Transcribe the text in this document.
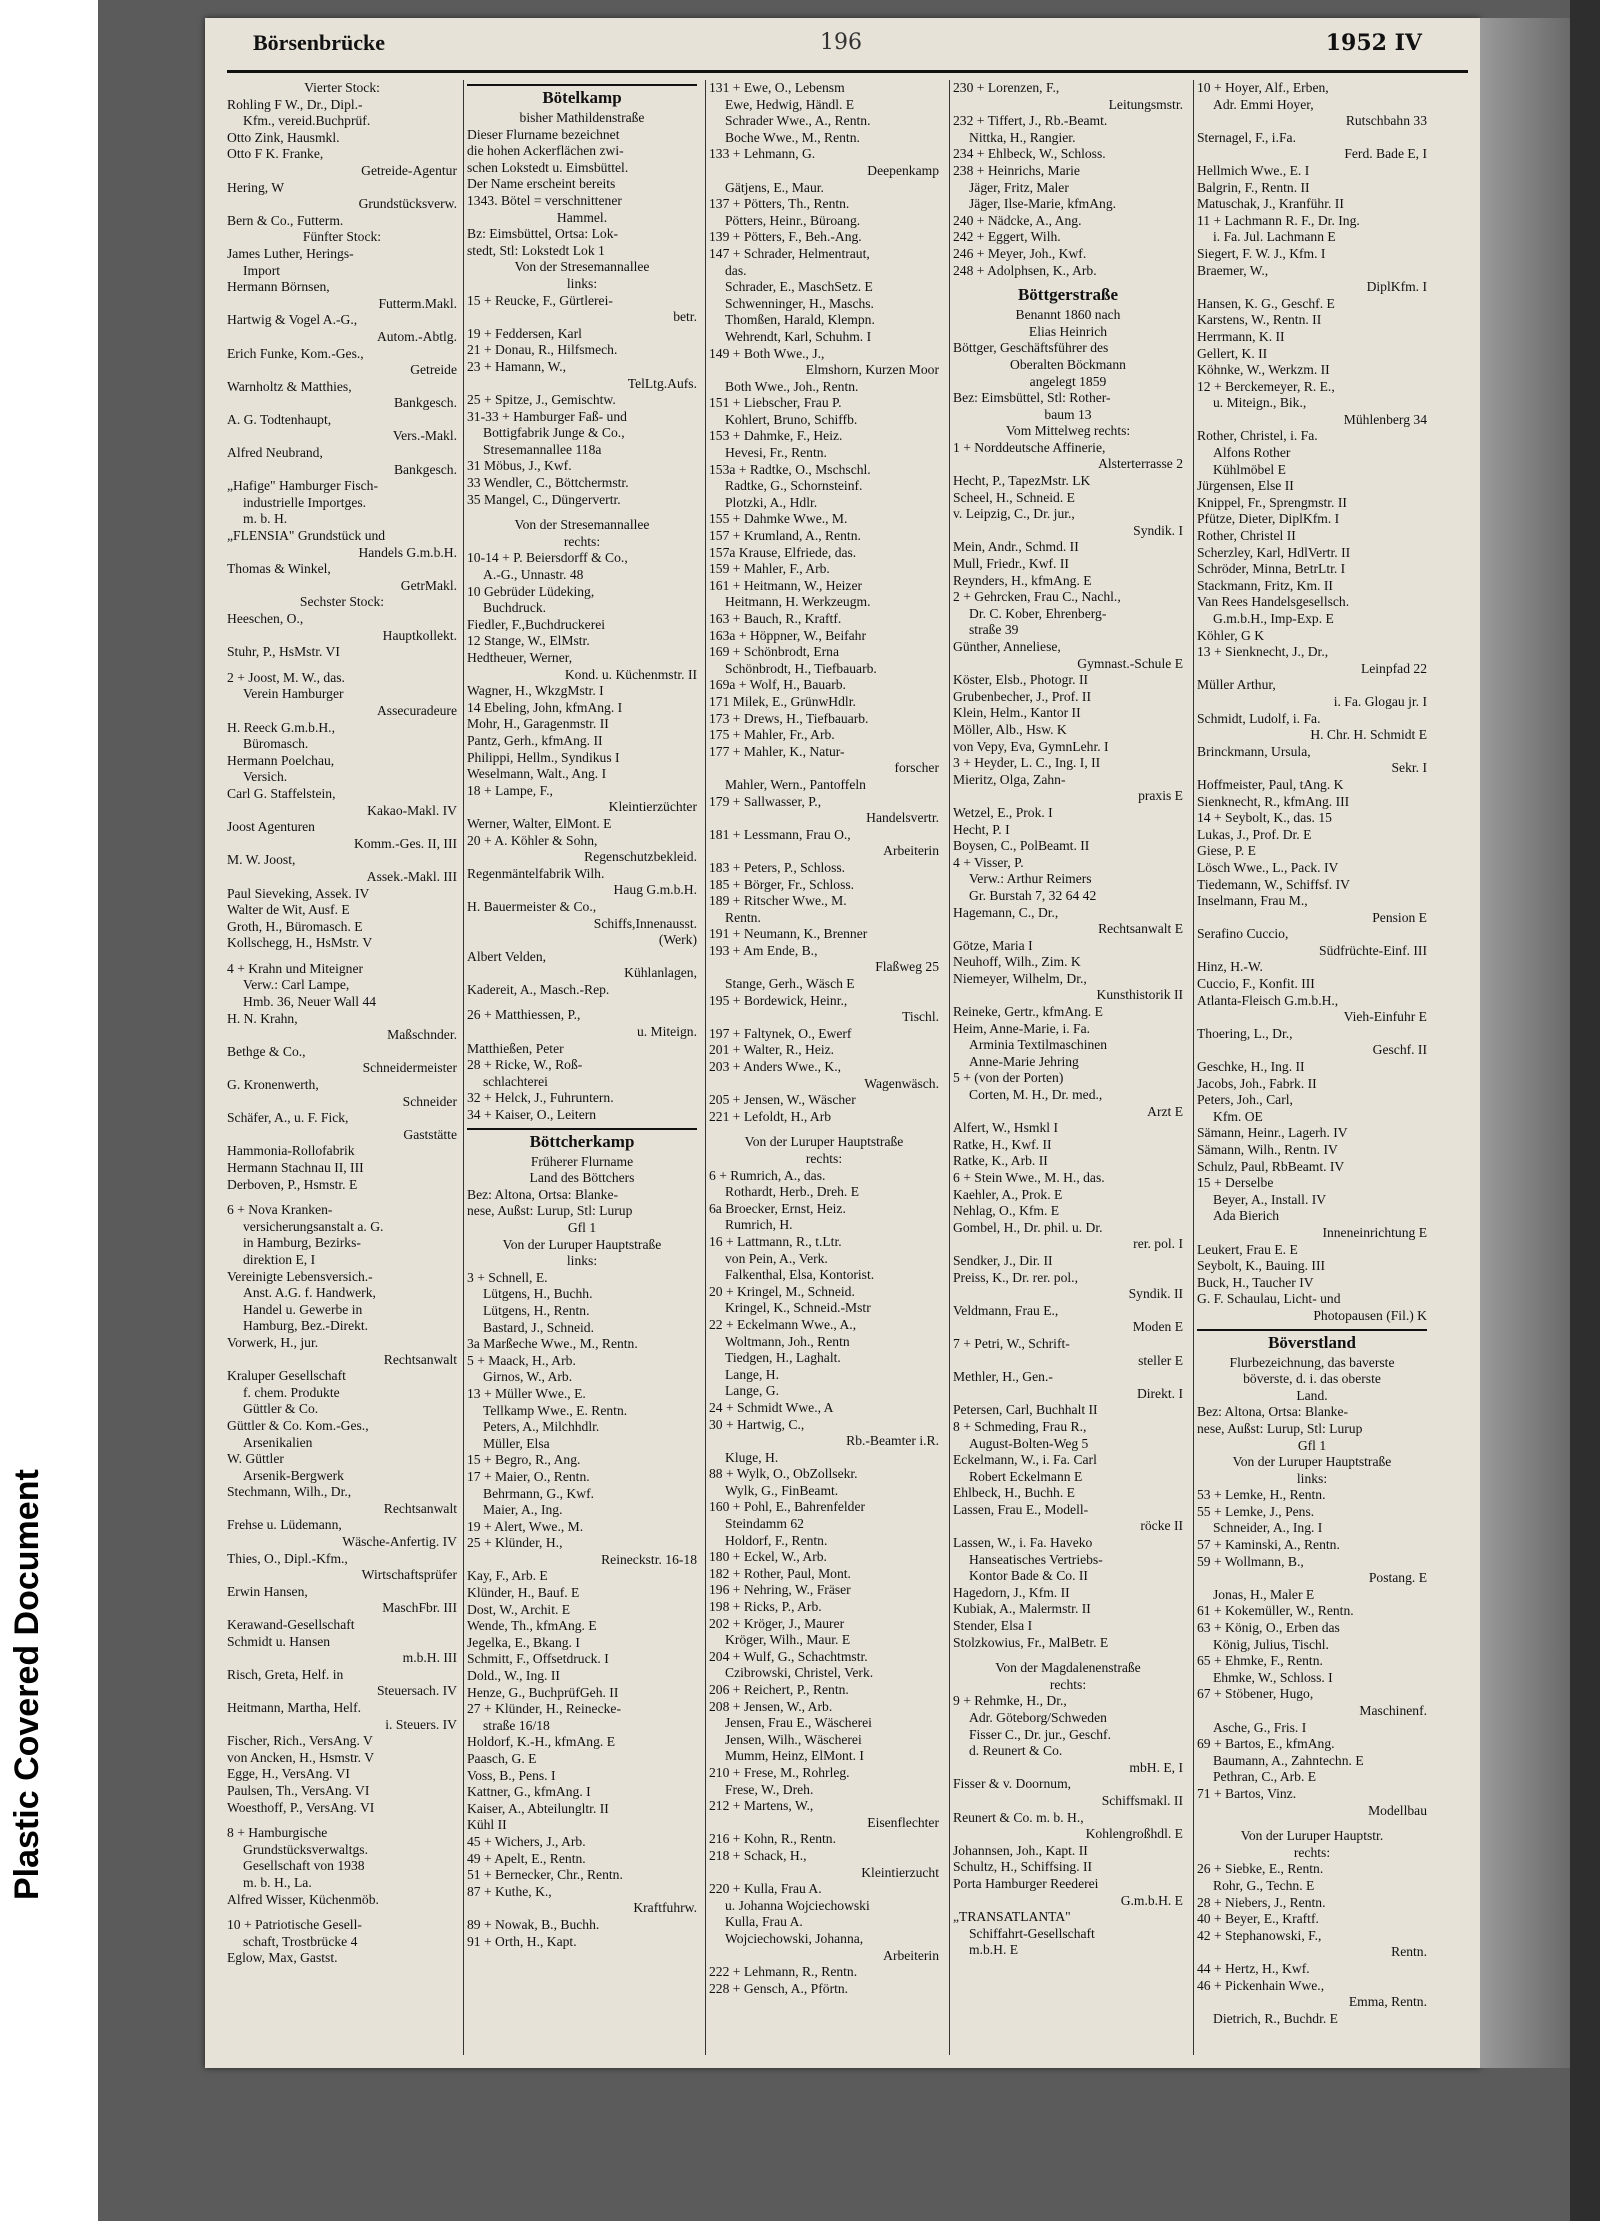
Plastic Covered Document
Börsenbrücke	196	1952 IV
Vierter Stock:
Rohling F W., Dr., Dipl.-
Kfm., vereid.Buchprüf.
Otto Zink, Hausmkl.
Otto F K. Franke,
Getreide-Agentur
Hering, W
Grundstücksverw.
Bern & Co., Futterm.
Fünfter Stock:
James Luther, Herings-
Import
Hermann Börnsen,
Futterm.Makl.
Hartwig & Vogel A.-G.,
Autom.-Abtlg.
Erich Funke, Kom.-Ges.,
Getreide
Warnholtz & Matthies,
Bankgesch.
A. G. Todtenhaupt,
Vers.-Makl.
Alfred Neubrand,
Bankgesch.
„Hafige" Hamburger Fisch-
industrielle Importges.
m. b. H.
„FLENSIA" Grundstück und
Handels G.m.b.H.
Thomas & Winkel,
GetrMakl.
Sechster Stock:
Heeschen, O.,
Hauptkollekt.
Stuhr, P., HsMstr. VI
2 + Joost, M. W., das.
Verein Hamburger
Assecuradeure
H. Reeck G.m.b.H.,
Büromasch.
Hermann Poelchau,
Versich.
Carl G. Staffelstein,
Kakao-Makl. IV
Joost Agenturen
Komm.-Ges. II, III
M. W. Joost,
Assek.-Makl. III
Paul Sieveking, Assek. IV
Walter de Wit, Ausf. E
Groth, H., Büromasch. E
Kollschegg, H., HsMstr. V
4 + Krahn und Miteigner
Verw.: Carl Lampe,
Hmb. 36, Neuer Wall 44
H. N. Krahn,
Maßschnder.
Bethge & Co.,
Schneidermeister
G. Kronenwerth,
Schneider
Schäfer, A., u. F. Fick,
Gaststätte
Hammonia-Rollofabrik
Hermann Stachnau II, III
Derboven, P., Hsmstr. E
6 + Nova Kranken-
versicherungsanstalt a. G.
in Hamburg, Bezirks-
direktion E, I
Vereinigte Lebensversich.-
Anst. A.G. f. Handwerk,
Handel u. Gewerbe in
Hamburg, Bez.-Direkt.
Vorwerk, H., jur.
Rechtsanwalt
Kraluper Gesellschaft
f. chem. Produkte
Güttler & Co.
Güttler & Co. Kom.-Ges.,
Arsenikalien
W. Güttler
Arsenik-Bergwerk
Stechmann, Wilh., Dr.,
Rechtsanwalt
Frehse u. Lüdemann,
Wäsche-Anfertig. IV
Thies, O., Dipl.-Kfm.,
Wirtschaftsprüfer
Erwin Hansen,
MaschFbr. III
Kerawand-Gesellschaft
Schmidt u. Hansen
m.b.H. III
Risch, Greta, Helf. in
Steuersach. IV
Heitmann, Martha, Helf.
i. Steuers. IV
Fischer, Rich., VersAng. V
von Ancken, H., Hsmstr. V
Egge, H., VersAng. VI
Paulsen, Th., VersAng. VI
Woesthoff, P., VersAng. VI
8 + Hamburgische
Grundstücksverwaltgs.
Gesellschaft von 1938
m. b. H., La.
Alfred Wisser, Küchenmöb.
10 + Patriotische Gesell-
schaft, Trostbrücke 4
Eglow, Max, Gastst.
Bötelkamp
bisher Mathildenstraße
Dieser Flurname bezeichnet
die hohen Ackerflächen zwi-
schen Lokstedt u. Eimsbüttel.
Der Name erscheint bereits
1343. Bötel = verschnittener
Hammel.
Bz: Eimsbüttel, Ortsa: Lok-
stedt, Stl: Lokstedt Lok 1
Von der Stresemannallee
links:
15 + Reucke, F., Gürtlerei-
betr.
19 + Feddersen, Karl
21 + Donau, R., Hilfsmech.
23 + Hamann, W.,
TelLtg.Aufs.
25 + Spitze, J., Gemischtw.
31-33 + Hamburger Faß- und
Bottigfabrik Junge & Co.,
Stresemannallee 118a
31 Möbus, J., Kwf.
33 Wendler, C., Böttchermstr.
35 Mangel, C., Düngervertr.
Von der Stresemannallee
rechts:
10-14 + P. Beiersdorff & Co.,
A.-G., Unnastr. 48
10 Gebrüder Lüdeking,
Buchdruck.
Fiedler, F.,Buchdruckerei
12 Stange, W., ElMstr.
Hedtheuer, Werner,
Kond. u. Küchenmstr. II
Wagner, H., WkzgMstr. I
14 Ebeling, John, kfmAng. I
Mohr, H., Garagenmstr. II
Pantz, Gerh., kfmAng. II
Philippi, Hellm., Syndikus I
Weselmann, Walt., Ang. I
18 + Lampe, F.,
Kleintierzüchter
Werner, Walter, ElMont. E
20 + A. Köhler & Sohn,
Regenschutzbekleid.
Regenmäntelfabrik Wilh.
Haug G.m.b.H.
H. Bauermeister & Co.,
Schiffs,Innenausst.
(Werk)
Albert Velden,
Kühlanlagen,
Kadereit, A., Masch.-Rep.
26 + Matthiessen, P.,
u. Miteign.
Matthießen, Peter
28 + Ricke, W., Roß-
schlachterei
32 + Helck, J., Fuhruntern.
34 + Kaiser, O., Leitern
Böttcherkamp
Früherer Flurname
Land des Böttchers
Bez: Altona, Ortsa: Blanke-
nese, Außst: Lurup, Stl: Lurup
Gfl 1
Von der Luruper Hauptstraße
links:
3 + Schnell, E.
Lütgens, H., Buchh.
Lütgens, H., Rentn.
Bastard, J., Schneid.
3a Marßeche Wwe., M., Rentn.
5 + Maack, H., Arb.
Girnos, W., Arb.
13 + Müller Wwe., E.
Tellkamp Wwe., E. Rentn.
Peters, A., Milchhdlr.
Müller, Elsa
15 + Begro, R., Ang.
17 + Maier, O., Rentn.
Behrmann, G., Kwf.
Maier, A., Ing.
19 + Alert, Wwe., M.
25 + Klünder, H.,
Reineckstr. 16-18
Kay, F., Arb. E
Klünder, H., Bauf. E
Dost, W., Archit. E
Wende, Th., kfmAng. E
Jegelka, E., Bkang. I
Schmitt, F., Offsetdruck. I
Dold., W., Ing. II
Henze, G., BuchprüfGeh. II
27 + Klünder, H., Reinecke-
straße 16/18
Holdorf, K.-H., kfmAng. E
Paasch, G. E
Voss, B., Pens. I
Kattner, G., kfmAng. I
Kaiser, A., Abteilungltr. II
Kühl II
45 + Wichers, J., Arb.
49 + Apelt, E., Rentn.
51 + Bernecker, Chr., Rentn.
87 + Kuthe, K.,
Kraftfuhrw.
89 + Nowak, B., Buchh.
91 + Orth, H., Kapt.
131 + Ewe, O., Lebensm
Ewe, Hedwig, Händl. E
Schrader Wwe., A., Rentn.
Boche Wwe., M., Rentn.
133 + Lehmann, G.
Deepenkamp
Gätjens, E., Maur.
137 + Pötters, Th., Rentn.
Pötters, Heinr., Büroang.
139 + Pötters, F., Beh.-Ang.
147 + Schrader, Helmentraut,
das.
Schrader, E., MaschSetz. E
Schwenninger, H., Maschs.
Thomßen, Harald, Klempn.
Wehrendt, Karl, Schuhm. I
149 + Both Wwe., J.,
Elmshorn, Kurzen Moor
Both Wwe., Joh., Rentn.
151 + Liebscher, Frau P.
Kohlert, Bruno, Schiffb.
153 + Dahmke, F., Heiz.
Hevesi, Fr., Rentn.
153a + Radtke, O., Mschschl.
Radtke, G., Schornsteinf.
Plotzki, A., Hdlr.
155 + Dahmke Wwe., M.
157 + Krumland, A., Rentn.
157a Krause, Elfriede, das.
159 + Mahler, F., Arb.
161 + Heitmann, W., Heizer
Heitmann, H. Werkzeugm.
163 + Bauch, R., Kraftf.
163a + Höppner, W., Beifahr
169 + Schönbrodt, Erna
Schönbrodt, H., Tiefbauarb.
169a + Wolf, H., Bauarb.
171 Milek, E., GrünwHdlr.
173 + Drews, H., Tiefbauarb.
175 + Mahler, Fr., Arb.
177 + Mahler, K., Natur-
forscher
Mahler, Wern., Pantoffeln
179 + Sallwasser, P.,
Handelsvertr.
181 + Lessmann, Frau O.,
Arbeiterin
183 + Peters, P., Schloss.
185 + Börger, Fr., Schloss.
189 + Ritscher Wwe., M.
Rentn.
191 + Neumann, K., Brenner
193 + Am Ende, B.,
Flaßweg 25
Stange, Gerh., Wäsch E
195 + Bordewick, Heinr.,
Tischl.
197 + Faltynek, O., Ewerf
201 + Walter, R., Heiz.
203 + Anders Wwe., K.,
Wagenwäsch.
205 + Jensen, W., Wäscher
221 + Lefoldt, H., Arb
Von der Luruper Hauptstraße
rechts:
6 + Rumrich, A., das.
Rothardt, Herb., Dreh. E
6a Broecker, Ernst, Heiz.
Rumrich, H.
16 + Lattmann, R., t.Ltr.
von Pein, A., Verk.
Falkenthal, Elsa, Kontorist.
20 + Kringel, M., Schneid.
Kringel, K., Schneid.-Mstr
22 + Eckelmann Wwe., A.,
Woltmann, Joh., Rentn
Tiedgen, H., Laghalt.
Lange, H.
Lange, G.
24 + Schmidt Wwe., A
30 + Hartwig, C.,
Rb.-Beamter i.R.
Kluge, H.
88 + Wylk, O., ObZollsekr.
Wylk, G., FinBeamt.
160 + Pohl, E., Bahrenfelder
Steindamm 62
Holdorf, F., Rentn.
180 + Eckel, W., Arb.
182 + Rother, Paul, Mont.
196 + Nehring, W., Fräser
198 + Ricks, P., Arb.
202 + Kröger, J., Maurer
Kröger, Wilh., Maur. E
204 + Wulf, G., Schachtmstr.
Czibrowski, Christel, Verk.
206 + Reichert, P., Rentn.
208 + Jensen, W., Arb.
Jensen, Frau E., Wäscherei
Jensen, Wilh., Wäscherei
Mumm, Heinz, ElMont. I
210 + Frese, M., Rohrleg.
Frese, W., Dreh.
212 + Martens, W.,
Eisenflechter
216 + Kohn, R., Rentn.
218 + Schack, H.,
Kleintierzucht
220 + Kulla, Frau A.
u. Johanna Wojciechowski
Kulla, Frau A.
Wojciechowski, Johanna,
Arbeiterin
222 + Lehmann, R., Rentn.
228 + Gensch, A., Pförtn.
230 + Lorenzen, F.,
Leitungsmstr.
232 + Tiffert, J., Rb.-Beamt.
Nittka, H., Rangier.
234 + Ehlbeck, W., Schloss.
238 + Heinrichs, Marie
Jäger, Fritz, Maler
Jäger, Ilse-Marie, kfmAng.
240 + Nädcke, A., Ang.
242 + Eggert, Wilh.
246 + Meyer, Joh., Kwf.
248 + Adolphsen, K., Arb.
Böttgerstraße
Benannt 1860 nach
Elias Heinrich
Böttger, Geschäftsführer des
Oberalten Böckmann
angelegt 1859
Bez: Eimsbüttel, Stl: Rother-
baum 13
Vom Mittelweg rechts:
1 + Norddeutsche Affinerie,
Alsterterrasse 2
Hecht, P., TapezMstr. LK
Scheel, H., Schneid. E
v. Leipzig, C., Dr. jur.,
Syndik. I
Mein, Andr., Schmd. II
Mull, Friedr., Kwf. II
Reynders, H., kfmAng. E
2 + Gehrcken, Frau C., Nachl.,
Dr. C. Kober, Ehrenberg-
straße 39
Günther, Anneliese,
Gymnast.-Schule E
Köster, Elsb., Photogr. II
Grubenbecher, J., Prof. II
Klein, Helm., Kantor II
Möller, Alb., Hsw. K
von Vepy, Eva, GymnLehr. I
3 + Heyder, L. C., Ing. I, II
Mieritz, Olga, Zahn-
praxis E
Wetzel, E., Prok. I
Hecht, P. I
Boysen, C., PolBeamt. II
4 + Visser, P.
Verw.: Arthur Reimers
Gr. Burstah 7, 32 64 42
Hagemann, C., Dr.,
Rechtsanwalt E
Götze, Maria I
Neuhoff, Wilh., Zim. K
Niemeyer, Wilhelm, Dr.,
Kunsthistorik II
Reineke, Gertr., kfmAng. E
Heim, Anne-Marie, i. Fa.
Arminia Textilmaschinen
Anne-Marie Jehring
5 + (von der Porten)
Corten, M. H., Dr. med.,
Arzt E
Alfert, W., Hsmkl I
Ratke, H., Kwf. II
Ratke, K., Arb. II
6 + Stein Wwe., M. H., das.
Kaehler, A., Prok. E
Nehlag, O., Kfm. E
Gombel, H., Dr. phil. u. Dr.
rer. pol. I
Sendker, J., Dir. II
Preiss, K., Dr. rer. pol.,
Syndik. II
Veldmann, Frau E.,
Moden E
7 + Petri, W., Schrift-
steller E
Methler, H., Gen.-
Direkt. I
Petersen, Carl, Buchhalt II
8 + Schmeding, Frau R.,
August-Bolten-Weg 5
Eckelmann, W., i. Fa. Carl
Robert Eckelmann E
Ehlbeck, H., Buchh. E
Lassen, Frau E., Modell-
röcke II
Lassen, W., i. Fa. Haveko
Hanseatisches Vertriebs-
Kontor Bade & Co. II
Hagedorn, J., Kfm. II
Kubiak, A., Malermstr. II
Stender, Elsa I
Stolzkowius, Fr., MalBetr. E
Von der Magdalenenstraße
rechts:
9 + Rehmke, H., Dr.,
Adr. Göteborg/Schweden
Fisser C., Dr. jur., Geschf.
d. Reunert & Co.
mbH. E, I
Fisser & v. Doornum,
Schiffsmakl. II
Reunert & Co. m. b. H.,
Kohlengroßhdl. E
Johannsen, Joh., Kapt. II
Schultz, H., Schiffsing. II
Porta Hamburger Reederei
G.m.b.H. E
„TRANSATLANTA"
Schiffahrt-Gesellschaft
m.b.H. E
10 + Hoyer, Alf., Erben,
Adr. Emmi Hoyer,
Rutschbahn 33
Sternagel, F., i.Fa.
Ferd. Bade E, I
Hellmich Wwe., E. I
Balgrin, F., Rentn. II
Matuschak, J., Kranführ. II
11 + Lachmann R. F., Dr. Ing.
i. Fa. Jul. Lachmann E
Siegert, F. W. J., Kfm. I
Braemer, W.,
DiplKfm. I
Hansen, K. G., Geschf. E
Karstens, W., Rentn. II
Herrmann, K. II
Gellert, K. II
Köhnke, W., Werkzm. II
12 + Berckemeyer, R. E.,
u. Miteign., Bik.,
Mühlenberg 34
Rother, Christel, i. Fa.
Alfons Rother
Kühlmöbel E
Jürgensen, Else II
Knippel, Fr., Sprengmstr. II
Pfütze, Dieter, DiplKfm. I
Rother, Christel II
Scherzley, Karl, HdlVertr. II
Schröder, Minna, BetrLtr. I
Stackmann, Fritz, Km. II
Van Rees Handelsgesellsch.
G.m.b.H., Imp-Exp. E
Köhler, G K
13 + Sienknecht, J., Dr.,
Leinpfad 22
Müller Arthur,
i. Fa. Glogau jr. I
Schmidt, Ludolf, i. Fa.
H. Chr. H. Schmidt E
Brinckmann, Ursula,
Sekr. I
Hoffmeister, Paul, tAng. K
Sienknecht, R., kfmAng. III
14 + Seybolt, K., das. 15
Lukas, J., Prof. Dr. E
Giese, P. E
Lösch Wwe., L., Pack. IV
Tiedemann, W., Schiffsf. IV
Inselmann, Frau M.,
Pension E
Serafino Cuccio,
Südfrüchte-Einf. III
Hinz, H.-W.
Cuccio, F., Konfit. III
Atlanta-Fleisch G.m.b.H.,
Vieh-Einfuhr E
Thoering, L., Dr.,
Geschf. II
Geschke, H., Ing. II
Jacobs, Joh., Fabrk. II
Peters, Joh., Carl,
Kfm. OE
Sämann, Heinr., Lagerh. IV
Sämann, Wilh., Rentn. IV
Schulz, Paul, RbBeamt. IV
15 + Derselbe
Beyer, A., Install. IV
Ada Bierich
Inneneinrichtung E
Leukert, Frau E. E
Seybolt, K., Bauing. III
Buck, H., Taucher IV
G. F. Schaulau, Licht- und
Photopausen (Fil.) K
Böverstland
Flurbezeichnung, das baverste
böverste, d. i. das oberste
Land.
Bez: Altona, Ortsa: Blanke-
nese, Außst: Lurup, Stl: Lurup
Gfl 1
Von der Luruper Hauptstraße
links:
53 + Lemke, H., Rentn.
55 + Lemke, J., Pens.
Schneider, A., Ing. I
57 + Kaminski, A., Rentn.
59 + Wollmann, B.,
Postang. E
Jonas, H., Maler E
61 + Kokemüller, W., Rentn.
63 + König, O., Erben das
König, Julius, Tischl.
65 + Ehmke, F., Rentn.
Ehmke, W., Schloss. I
67 + Stöbener, Hugo,
Maschinenf.
Asche, G., Fris. I
69 + Bartos, E., kfmAng.
Baumann, A., Zahntechn. E
Pethran, C., Arb. E
71 + Bartos, Vinz.
Modellbau
Von der Luruper Hauptstr.
rechts:
26 + Siebke, E., Rentn.
Rohr, G., Techn. E
28 + Niebers, J., Rentn.
40 + Beyer, E., Kraftf.
42 + Stephanowski, F.,
Rentn.
44 + Hertz, H., Kwf.
46 + Pickenhain Wwe.,
Emma, Rentn.
Dietrich, R., Buchdr. E
